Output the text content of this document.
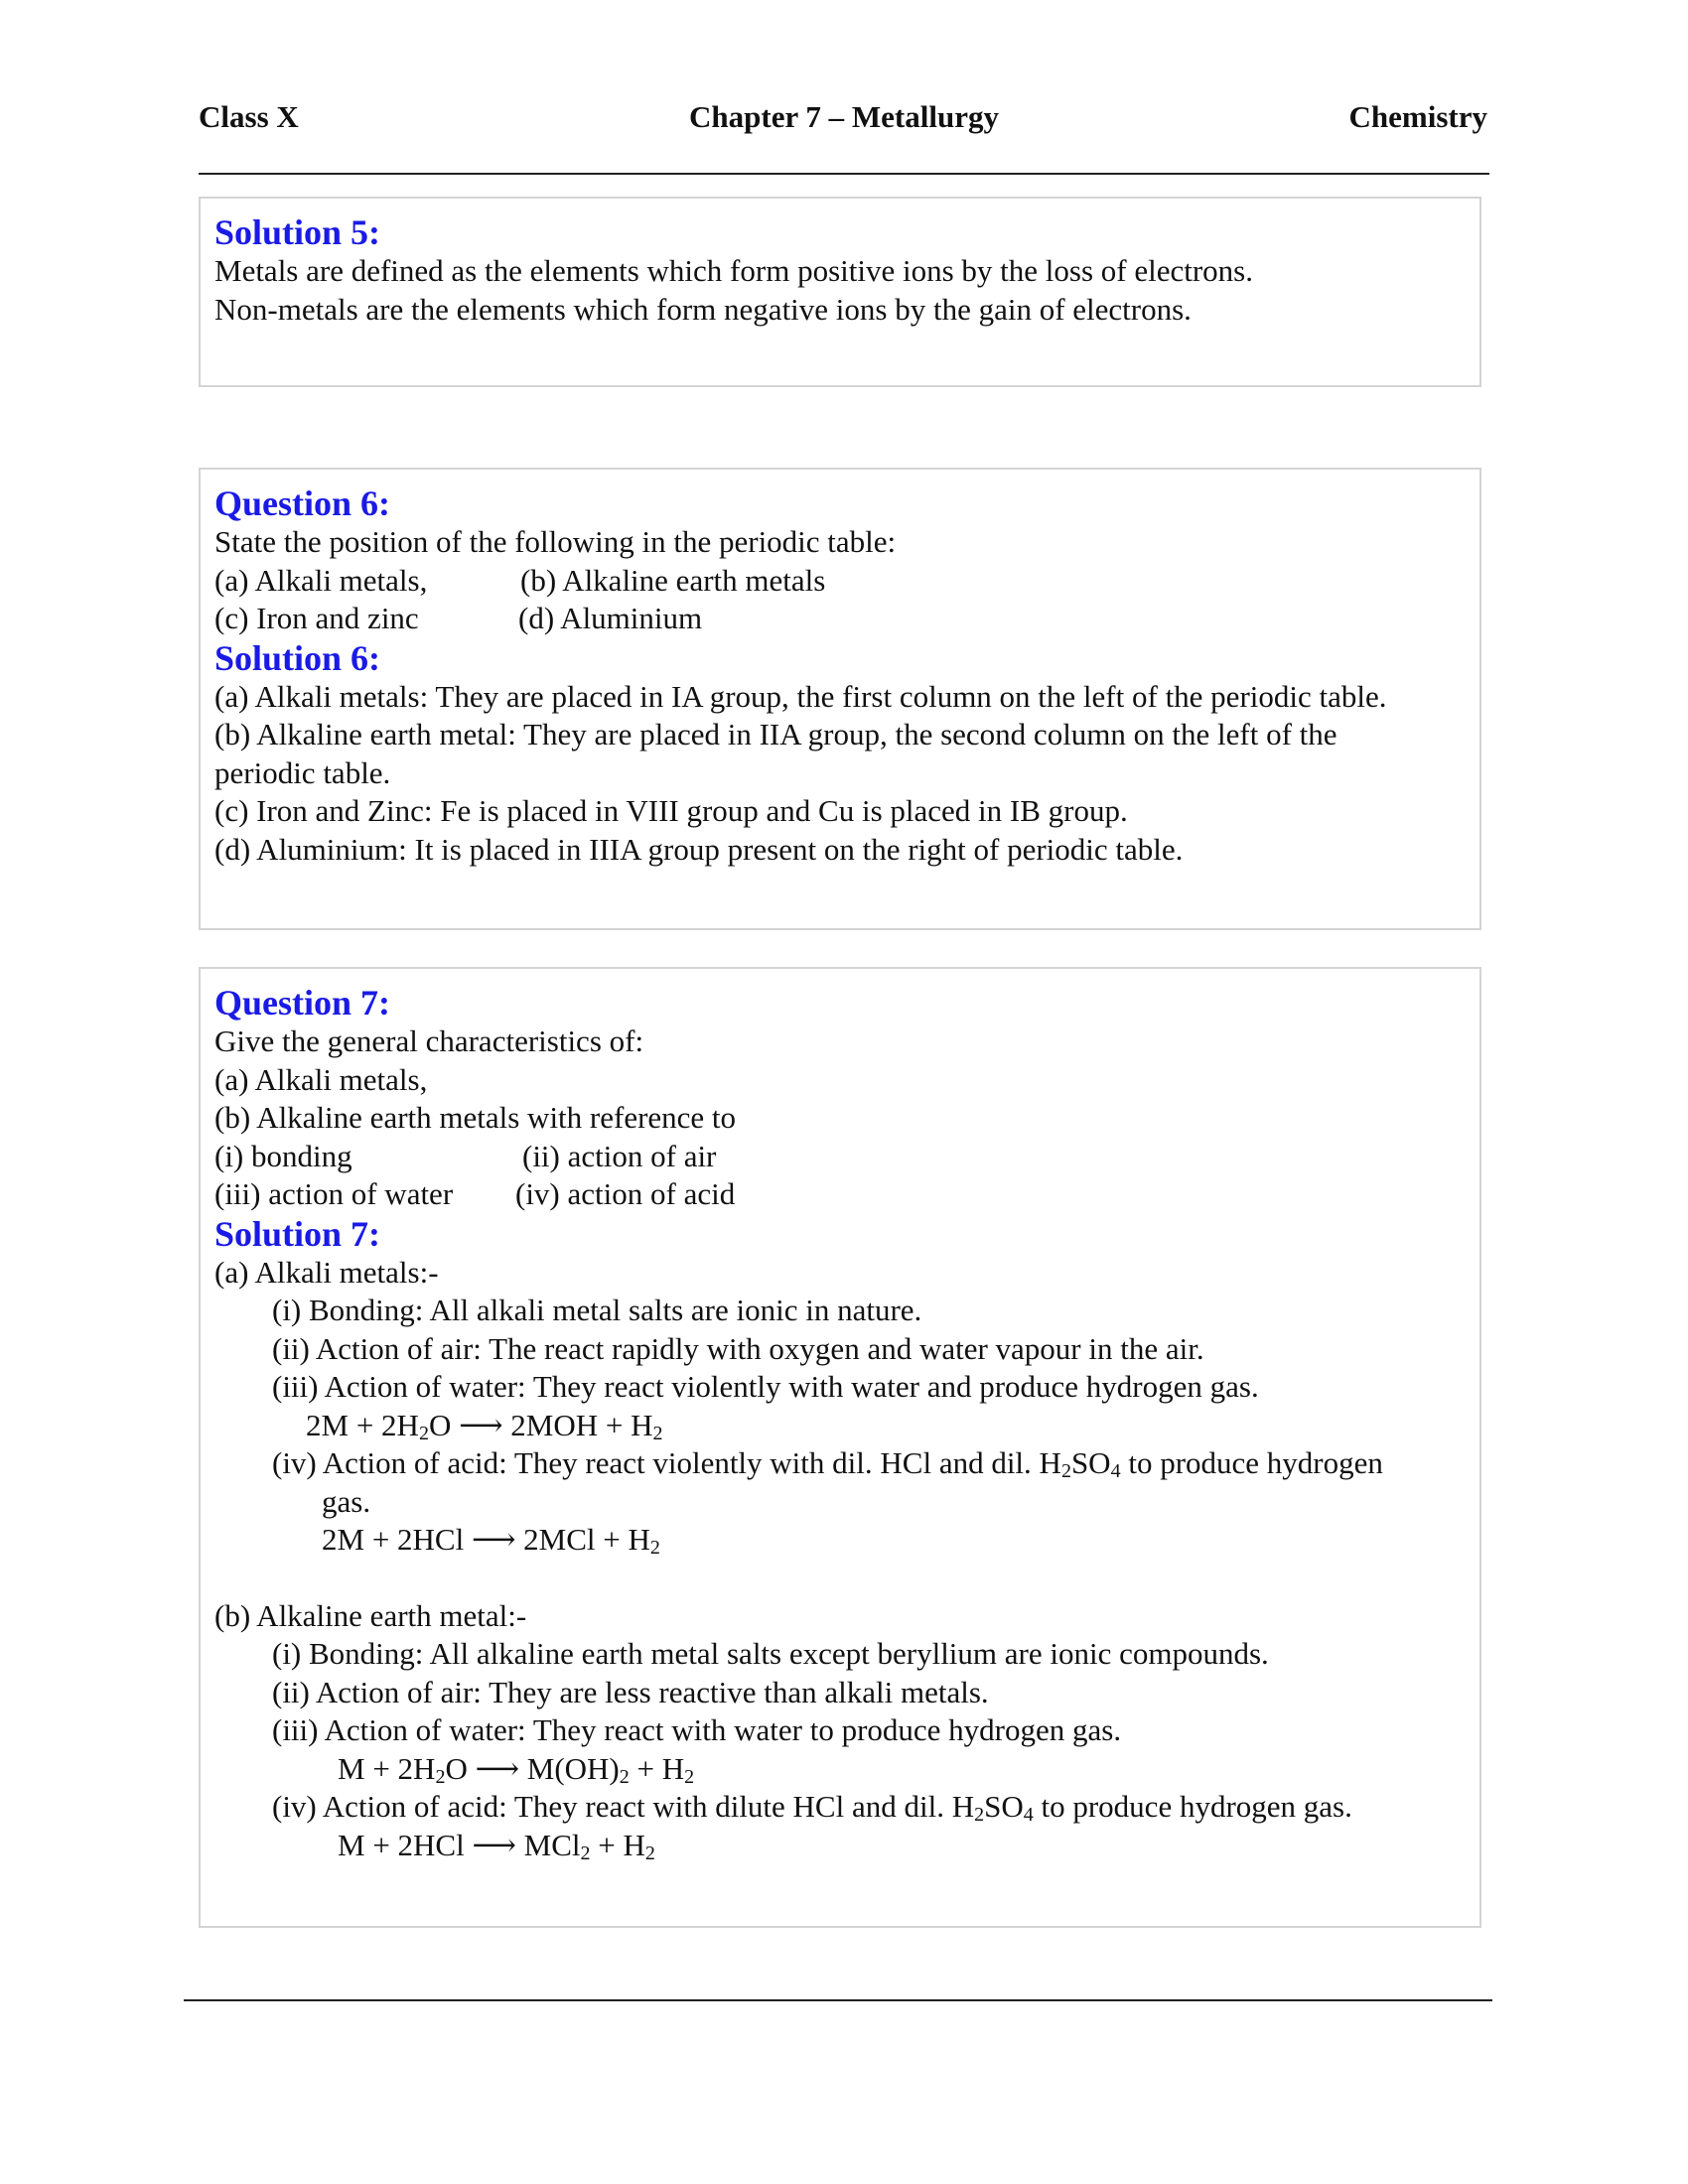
Class X	Chapter 7 – Metallurgy	Chemistry
Solution 5:
Metals are defined as the elements which form positive ions by the loss of electrons.
Non-metals are the elements which form negative ions by the gain of electrons.
Question 6:
State the position of the following in the periodic table:
(a) Alkali metals,	(b) Alkaline earth metals
(c) Iron and zinc	(d) Aluminium
Solution 6:
(a) Alkali metals: They are placed in IA group, the first column on the left of the periodic table.
(b) Alkaline earth metal: They are placed in IIA group, the second column on the left of the
periodic table.
(c) Iron and Zinc: Fe is placed in VIII group and Cu is placed in IB group.
(d) Aluminium: It is placed in IIIA group present on the right of periodic table.
Question 7:
Give the general characteristics of:
(a) Alkali metals,
(b) Alkaline earth metals with reference to
(i) bonding	(ii) action of air
(iii) action of water (iv) action of acid
Solution 7:
(a) Alkali metals:-
(i) Bonding: All alkali metal salts are ionic in nature.
(ii) Action of air: The react rapidly with oxygen and water vapour in the air.
(iii) Action of water: They react violently with water and produce hydrogen gas.
$2M + 2H_2O$ ⟶ $2MOH + H_2$
(iv) Action of acid: They react violently with dil. HCl and dil. $H_2SO_4$ to produce hydrogen
gas.
2M + 2HCl ⟶ $2MCl + H_2$
(b) Alkaline earth metal:-
(i) Bonding: All alkaline earth metal salts except beryllium are ionic compounds.
(ii) Action of air: They are less reactive than alkali metals.
(iii) Action of water: They react with water to produce hydrogen gas.
$M + 2H_2O$ ⟶ $M(OH)_2 + H_2$
(iv) Action of acid: They react with dilute HCl and dil. $H_2SO_4$ to produce hydrogen gas.
M + 2HCl ⟶ $MCl_2 + H_2$
